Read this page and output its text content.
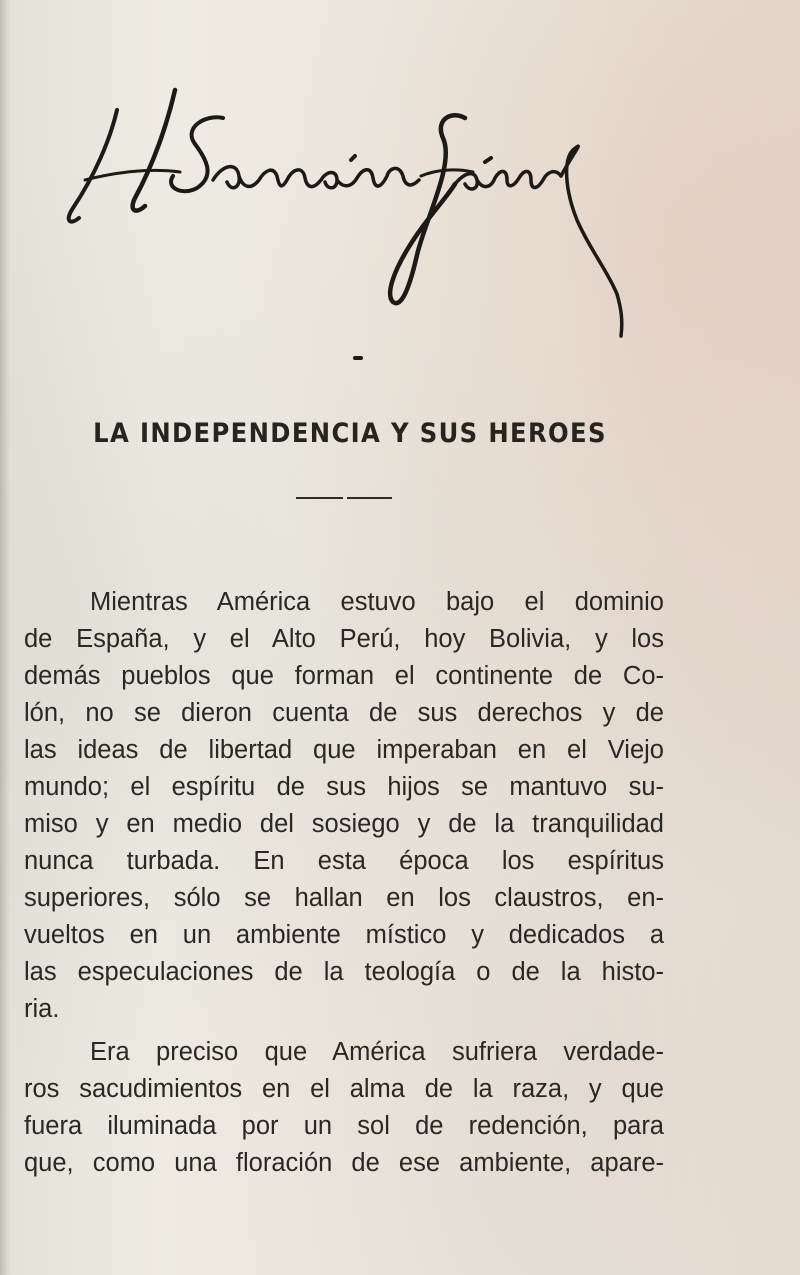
LA INDEPENDENCIA Y SUS HEROES
Mientras América estuvo bajo el dominio
de España, y el Alto Perú, hoy Bolivia, y los
demás pueblos que forman el continente de Co-
lón, no se dieron cuenta de sus derechos y de
las ideas de libertad que imperaban en el Viejo
mundo; el espíritu de sus hijos se mantuvo su-
miso y en medio del sosiego y de la tranquilidad
nunca turbada. En esta época los espíritus
superiores, sólo se hallan en los claustros, en-
vueltos en un ambiente místico y dedicados a
las especulaciones de la teología o de la histo-
ria.
Era preciso que América sufriera verdade-
ros sacudimientos en el alma de la raza, y que
fuera iluminada por un sol de redención, para
que, como una floración de ese ambiente, apare-
